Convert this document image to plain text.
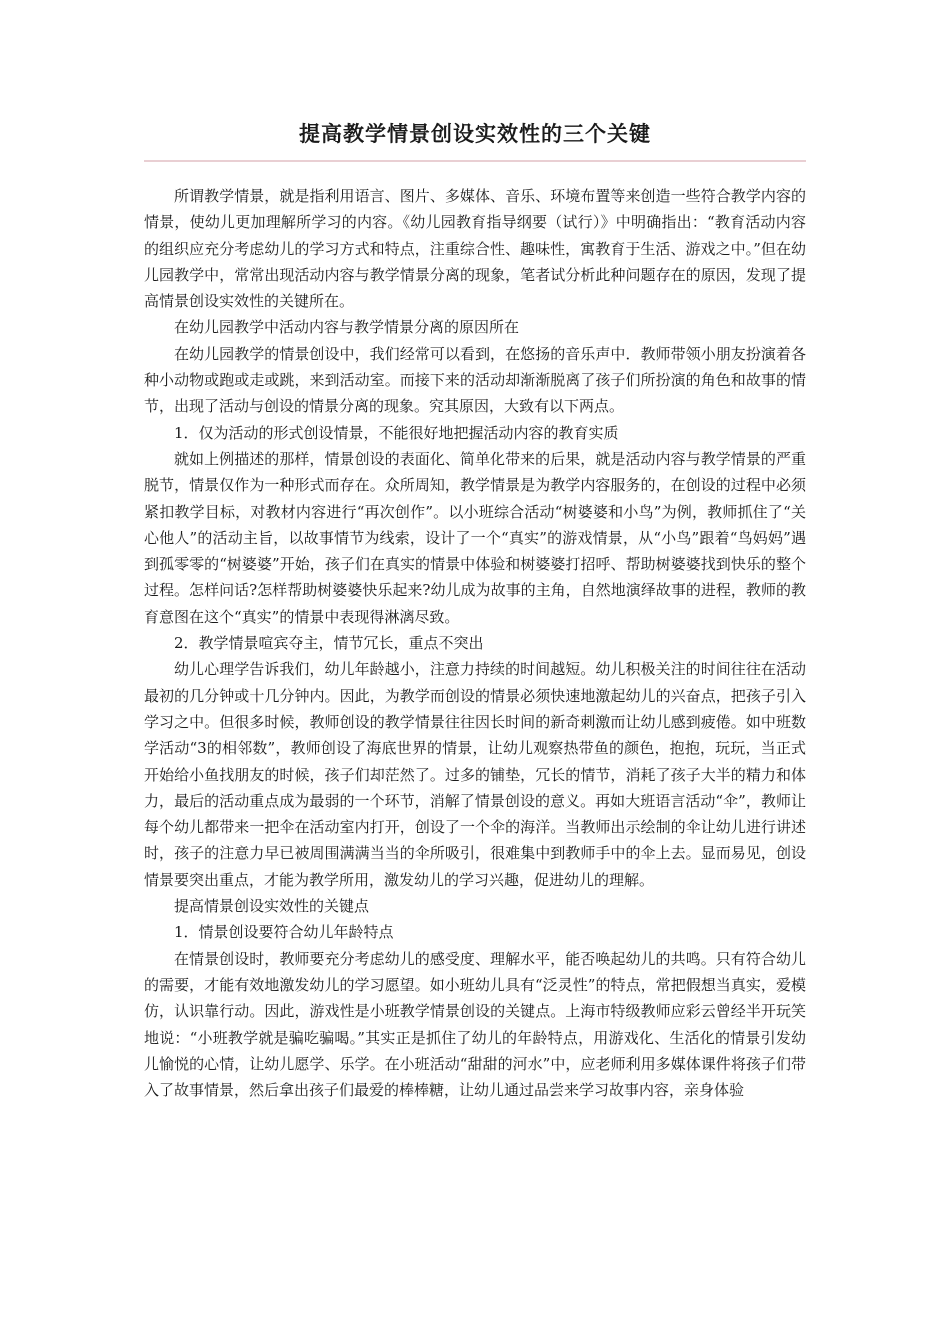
提高教学情景创设实效性的三个关键

所谓教学情景，就是指利用语言、图片、多媒体、音乐、环境布置等来创造一些符合教学内容的情景，使幼儿更加理解所学习的内容。《幼儿园教育指导纲要（试行）》中明确指出：“教育活动内容的组织应充分考虑幼儿的学习方式和特点，注重综合性、趣味性，寓教育于生活、游戏之中。”但在幼儿园教学中，常常出现活动内容与教学情景分离的现象，笔者试分析此种问题存在的原因，发现了提高情景创设实效性的关键所在。

在幼儿园教学中活动内容与教学情景分离的原因所在

在幼儿园教学的情景创设中，我们经常可以看到，在悠扬的音乐声中．教师带领小朋友扮演着各种小动物或跑或走或跳，来到活动室。而接下来的活动却渐渐脱离了孩子们所扮演的角色和故事的情节，出现了活动与创设的情景分离的现象。究其原因，大致有以下两点。

1．仅为活动的形式创设情景，不能很好地把握活动内容的教育实质

就如上例描述的那样，情景创设的表面化、简单化带来的后果，就是活动内容与教学情景的严重脱节，情景仅作为一种形式而存在。众所周知，教学情景是为教学内容服务的，在创设的过程中必须紧扣教学目标，对教材内容进行“再次创作”。以小班综合活动“树婆婆和小鸟”为例，教师抓住了“关心他人”的活动主旨，以故事情节为线索，设计了一个“真实”的游戏情景，从“小鸟”跟着“鸟妈妈”遇到孤零零的“树婆婆”开始，孩子们在真实的情景中体验和树婆婆打招呼、帮助树婆婆找到快乐的整个过程。怎样问话?怎样帮助树婆婆快乐起来?幼儿成为故事的主角，自然地演绎故事的进程，教师的教育意图在这个“真实”的情景中表现得淋漓尽致。

2．教学情景喧宾夺主，情节冗长，重点不突出

幼儿心理学告诉我们，幼儿年龄越小，注意力持续的时间越短。幼儿积极关注的时间往往在活动最初的几分钟或十几分钟内。因此，为教学而创设的情景必须快速地激起幼儿的兴奋点，把孩子引入学习之中。但很多时候，教师创设的教学情景往往因长时间的新奇刺激而让幼儿感到疲倦。如中班数学活动“3的相邻数”，教师创设了海底世界的情景，让幼儿观察热带鱼的颜色，抱抱，玩玩，当正式开始给小鱼找朋友的时候，孩子们却茫然了。过多的铺垫，冗长的情节，消耗了孩子大半的精力和体力，最后的活动重点成为最弱的一个环节，消解了情景创设的意义。再如大班语言活动“伞”，教师让每个幼儿都带来一把伞在活动室内打开，创设了一个伞的海洋。当教师出示绘制的伞让幼儿进行讲述时，孩子的注意力早已被周围满满当当的伞所吸引，很难集中到教师手中的伞上去。显而易见，创设情景要突出重点，才能为教学所用，激发幼儿的学习兴趣，促进幼儿的理解。

提高情景创设实效性的关键点

1．情景创设要符合幼儿年龄特点

在情景创设时，教师要充分考虑幼儿的感受度、理解水平，能否唤起幼儿的共鸣。只有符合幼儿的需要，才能有效地激发幼儿的学习愿望。如小班幼儿具有“泛灵性”的特点，常把假想当真实，爱模仿，认识靠行动。因此，游戏性是小班教学情景创设的关键点。上海市特级教师应彩云曾经半开玩笑地说：“小班教学就是骗吃骗喝。”其实正是抓住了幼儿的年龄特点，用游戏化、生活化的情景引发幼儿愉悦的心情，让幼儿愿学、乐学。在小班活动“甜甜的河水”中，应老师利用多媒体课件将孩子们带入了故事情景，然后拿出孩子们最爱的棒棒糖，让幼儿通过品尝来学习故事内容，亲身体验
